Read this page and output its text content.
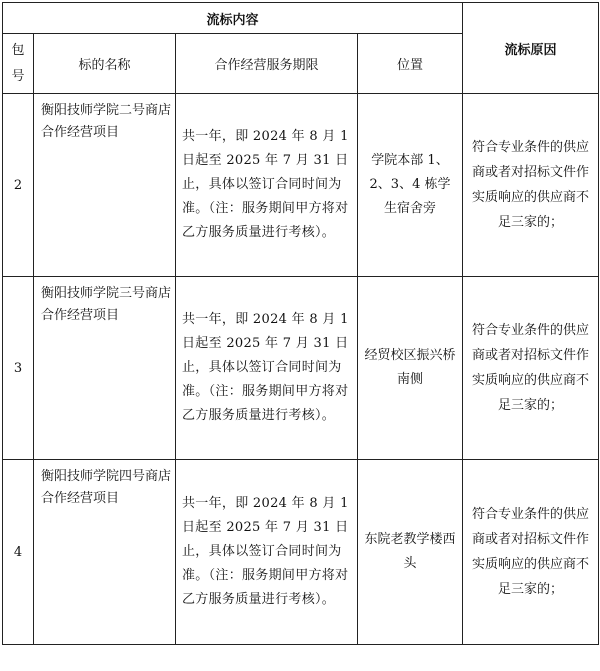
流标内容				流标原因

包
号	标的名称	合作经营服务期限	位置	
2	衡阳技师学院二号商店合作经营项目	共一年，即 2024 年 8 月 1 日起至 2025 年 7 月 31 日止，具体以签订合同时间为准。（注：服务期间甲方将对乙方服务质量进行考核）。	学院本部 1、2、3、4 栋学生宿舍旁	符合专业条件的供应商或者对招标文件作实质响应的供应商不足三家的；
3	衡阳技师学院三号商店合作经营项目	共一年，即 2024 年 8 月 1 日起至 2025 年 7 月 31 日止，具体以签订合同时间为准。（注：服务期间甲方将对乙方服务质量进行考核）。	经贸校区振兴桥南侧	符合专业条件的供应商或者对招标文件作实质响应的供应商不足三家的；
4	衡阳技师学院四号商店合作经营项目	共一年，即 2024 年 8 月 1 日起至 2025 年 7 月 31 日止，具体以签订合同时间为准。（注：服务期间甲方将对乙方服务质量进行考核）。	东院老教学楼西头	符合专业条件的供应商或者对招标文件作实质响应的供应商不足三家的；
